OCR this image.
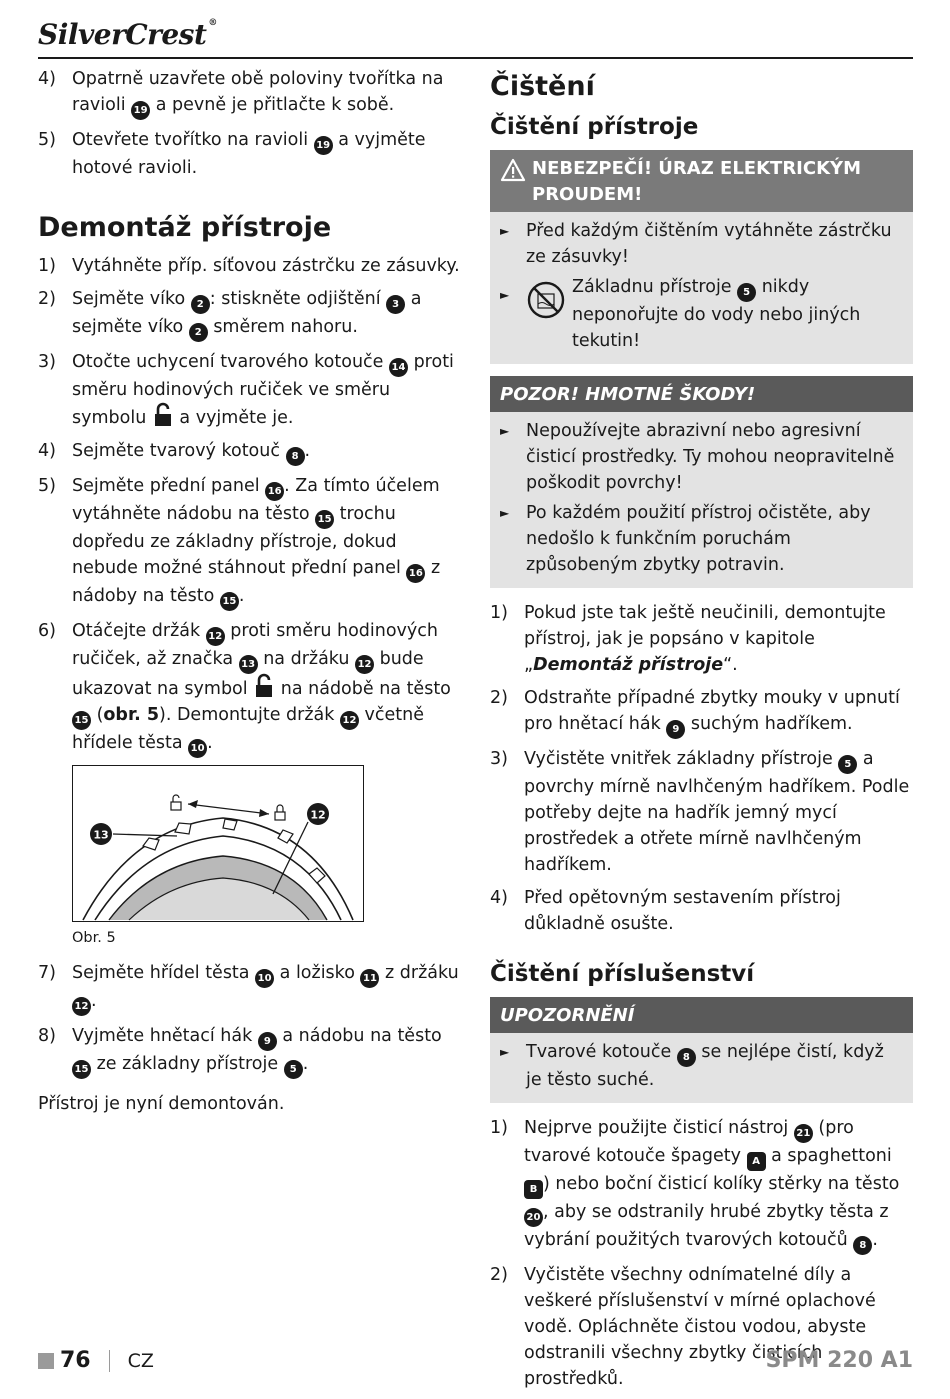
SilverCrest ®
4) Opatrně uzavřete obě poloviny tvořítka na ravioli 19 a pevně je přitlačte k sobě.
5) Otevřete tvořítko na ravioli 19 a vyjměte hotové ravioli.
Demontáž přístroje
1) Vytáhněte příp. síťovou zástrčku ze zásuvky.
2) Sejměte víko 2 : stiskněte odjištění 3 a sejměte víko 2 směrem nahoru.
3) Otočte uchycení tvarového kotouče 14 proti směru hodinových ručiček ve směru symbolu  a vyjměte je.
4) Sejměte tvarový kotouč 8 .
5) Sejměte přední panel 16 . Za tímto účelem vytáhněte nádobu na těsto 15 trochu dopředu ze základny přístroje, dokud nebude možné stáhnout přední panel 16 z nádoby na těsto 15 .
6) Otáčejte držák 12 proti směru hodinových ručiček, až značka 13 na držáku 12 bude ukazovat na symbol  na nádobě na těsto 15 (obr. 5). Demontujte držák 12 včetně hřídele těsta 10 .
13
12
Obr. 5
7) Sejměte hřídel těsta 10 a ložisko 11 z držáku 12 .
8) Vyjměte hnětací hák 9 a nádobu na těsto 15 ze základny přístroje 5 .
Přístroj je nyní demontován.
Čištění
Čištění přístroje
NEBEZPEČÍ! ÚRAZ ELEKTRICKÝM PROUDEM!
► Před každým čištěním vytáhněte zástrčku ze zásuvky!
►	Základnu přístroje 5 nikdy neponořujte do vody nebo jiných tekutin!
POZOR! HMOTNÉ ŠKODY!
► Nepoužívejte abrazivní nebo agresivní čisticí prostředky. Ty mohou neopravitelně poškodit povrchy!
► Po každém použití přístroj očistěte, aby nedošlo k funkčním poruchám způsobeným zbytky potravin.
1) Pokud jste tak ještě neučinili, demontujte přístroj, jak je popsáno v kapitole „Demontáž přístroje“.
2) Odstraňte případné zbytky mouky v upnutí pro hnětací hák 9 suchým hadříkem.
3) Vyčistěte vnitřek základny přístroje 5 a povrchy mírně navlhčeným hadříkem. Podle potřeby dejte na hadřík jemný mycí prostředek a otřete mírně navlhčeným hadříkem.
4) Před opětovným sestavením přístroj důkladně osušte.
Čištění příslušenství
UPOZORNĚNÍ
► Tvarové kotouče 8 se nejlépe čistí, když je těsto suché.
1) Nejprve použijte čisticí nástroj 21 (pro tvarové kotouče špagety A a spaghettoni B ) nebo boční čisticí kolíky stěrky na těsto 20 , aby se odstranily hrubé zbytky těsta z vybrání použitých tvarových kotoučů 8 .
2) Vyčistěte všechny odnímatelné díly a veškeré příslušenství v mírné oplachové vodě. Opláchněte čistou vodou, abyste odstranili všechny zbytky čisticích prostředků.
76 CZ	SPM 220 A1
